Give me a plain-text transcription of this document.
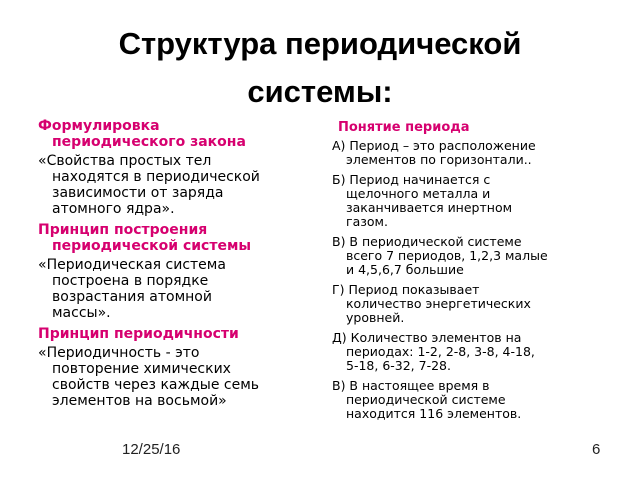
Структура периодической
системы:
Формулировка
периодического закона
«Свойства простых тел
находятся в периодической
зависимости от заряда
атомного ядра».
Принцип построения
периодической системы
«Периодическая система
построена в порядке
возрастания атомной
массы».
Принцип периодичности
«Периодичность - это
повторение химических
свойств через каждые семь
элементов на восьмой»
Понятие периода
А) Период – это расположение
элементов по горизонтали..
Б) Период начинается с
щелочного металла и
заканчивается инертном
газом.
В) В периодической системе
всего 7 периодов, 1,2,3 малые
и 4,5,6,7 большие
Г) Период показывает
количество энергетических
уровней.
Д) Количество элементов на
периодах: 1-2, 2-8, 3-8, 4-18,
5-18, 6-32, 7-28.
В) В настоящее время в
периодической системе
находится 116 элементов.
12/25/16	6
